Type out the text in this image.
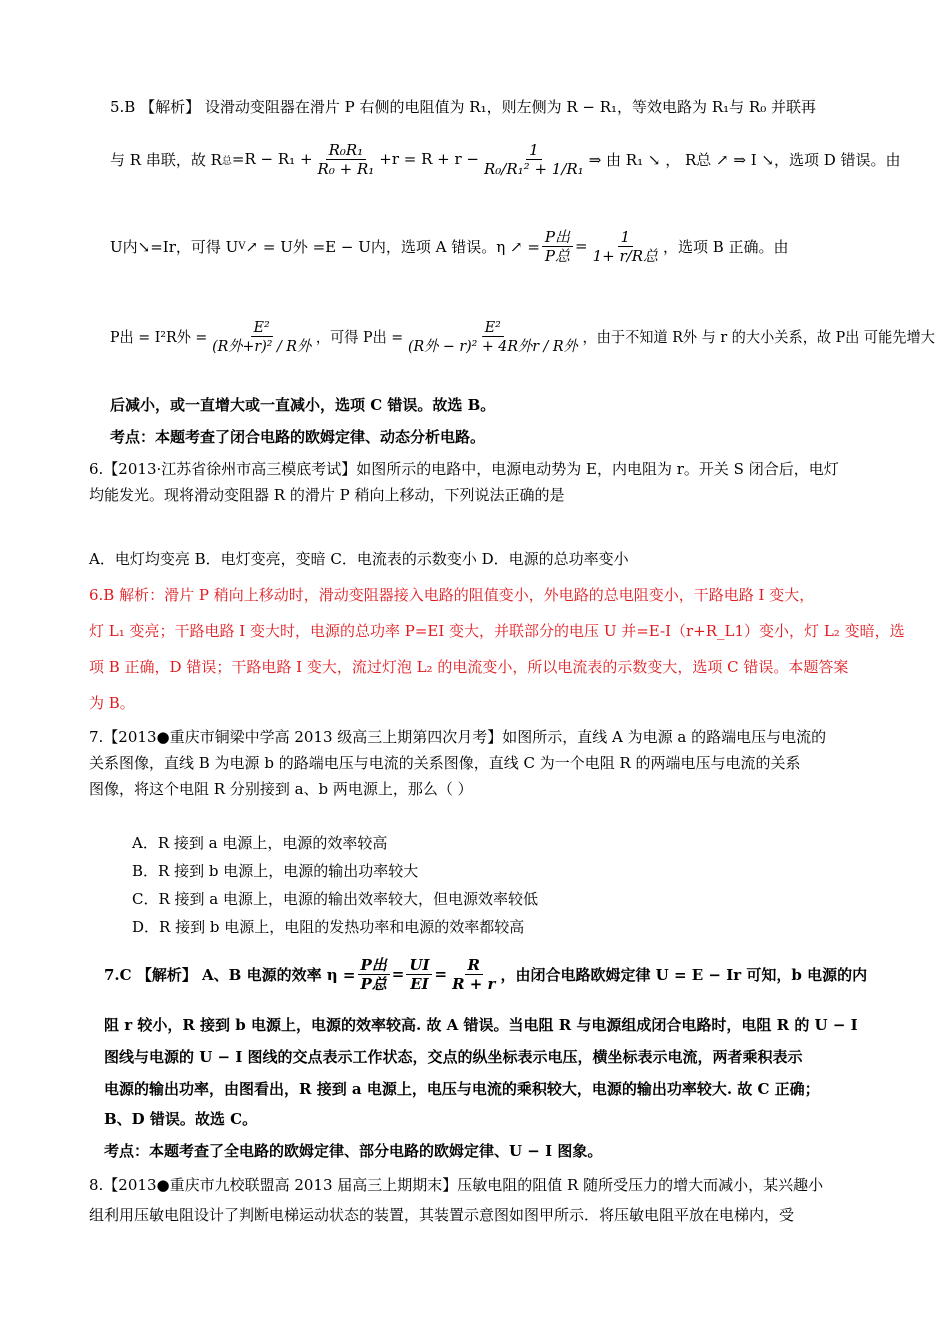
5.B 【解析】 设滑动变阻器在滑片 P 右侧的电阻值为 R₁，则左侧为 R − R₁，等效电路为 R₁与 R₀ 并联再
与 R 串联，故 R 总 $=R - R_1 + \frac{\text{R₀R₁}}{\text{R₀ + R₁}} +r = R + r - \frac{1}{\text{R₀/R₁² + 1/R₁}}$ ⇒ 由 R₁ ↘ ， R总 ↗ ⇒ I ↘，选项 D 错误。由
U内↘=Ir，可得 U V ↗ = U外 =E − U内，选项 A 错误。η ↗ = $\frac{\text{P出}}{\text{P总}} = \frac{1}{\text{1+ r/R总}}$ ，选项 B 正确。由
P出 = I²R外 = $\frac{\text{E²}}{\text{(R外+r)² / R外}}$ ，可得 P出 = $\frac{\text{E²}}{\text{(R外 − r)² + 4R外r / R外}}$ ，由于不知道 R外 与 r 的大小关系，故 P出 可能先增大
后减小，或一直增大或一直减小，选项 C 错误。故选 B。
考点：本题考查了闭合电路的欧姆定律、动态分析电路。
6.【2013·江苏省徐州市高三模底考试】如图所示的电路中，电源电动势为 E，内电阻为 r。开关 S 闭合后，电灯
均能发光。现将滑动变阻器 R 的滑片 P 稍向上移动，下列说法正确的是
A．电灯均变亮 B．电灯变亮，变暗 C．电流表的示数变小 D．电源的总功率变小
6.B 解析：滑片 P 稍向上移动时，滑动变阻器接入电路的阻值变小，外电路的总电阻变小，干路电路 I 变大，
灯 L₁ 变亮；干路电路 I 变大时，电源的总功率 P=EI 变大，并联部分的电压 U 并=E-I（r+R_L1）变小，灯 L₂ 变暗，选
项 B 正确，D 错误；干路电路 I 变大，流过灯泡 L₂ 的电流变小，所以电流表的示数变大，选项 C 错误。本题答案
为 B。
7.【2013●重庆市铜梁中学高 2013 级高三上期第四次月考】如图所示，直线 A 为电源 a 的路端电压与电流的
关系图像，直线 B 为电源 b 的路端电压与电流的关系图像，直线 C 为一个电阻 R 的两端电压与电流的关系
图像，将这个电阻 R 分别接到 a、b 两电源上，那么（ ）
A．R 接到 a 电源上，电源的效率较高
B．R 接到 b 电源上，电源的输出功率较大
C．R 接到 a 电源上，电源的输出效率较大，但电源效率较低
D．R 接到 b 电源上，电阻的发热功率和电源的效率都较高
7.C 【解析】 A、B 电源的效率 $\eta = \frac{\text{P出}}{\text{P总}} = \frac{UI}{EI} = \frac{R}{R + r}$ ，由闭合电路欧姆定律 U = E − Ir 可知，b 电源的内
阻 r 较小，R 接到 b 电源上，电源的效率较高. 故 A 错误。当电阻 R 与电源组成闭合电路时，电阻 R 的 U − I
图线与电源的 U − I 图线的交点表示工作状态，交点的纵坐标表示电压，横坐标表示电流，两者乘积表示
电源的输出功率，由图看出，R 接到 a 电源上，电压与电流的乘积较大，电源的输出功率较大. 故 C 正确；
B、D 错误。故选 C。
考点：本题考查了全电路的欧姆定律、部分电路的欧姆定律、U − I 图象。
8.【2013●重庆市九校联盟高 2013 届高三上期期末】压敏电阻的阻值 R 随所受压力的增大而减小，某兴趣小
组利用压敏电阻设计了判断电梯运动状态的装置，其装置示意图如图甲所示．将压敏电阻平放在电梯内，受
